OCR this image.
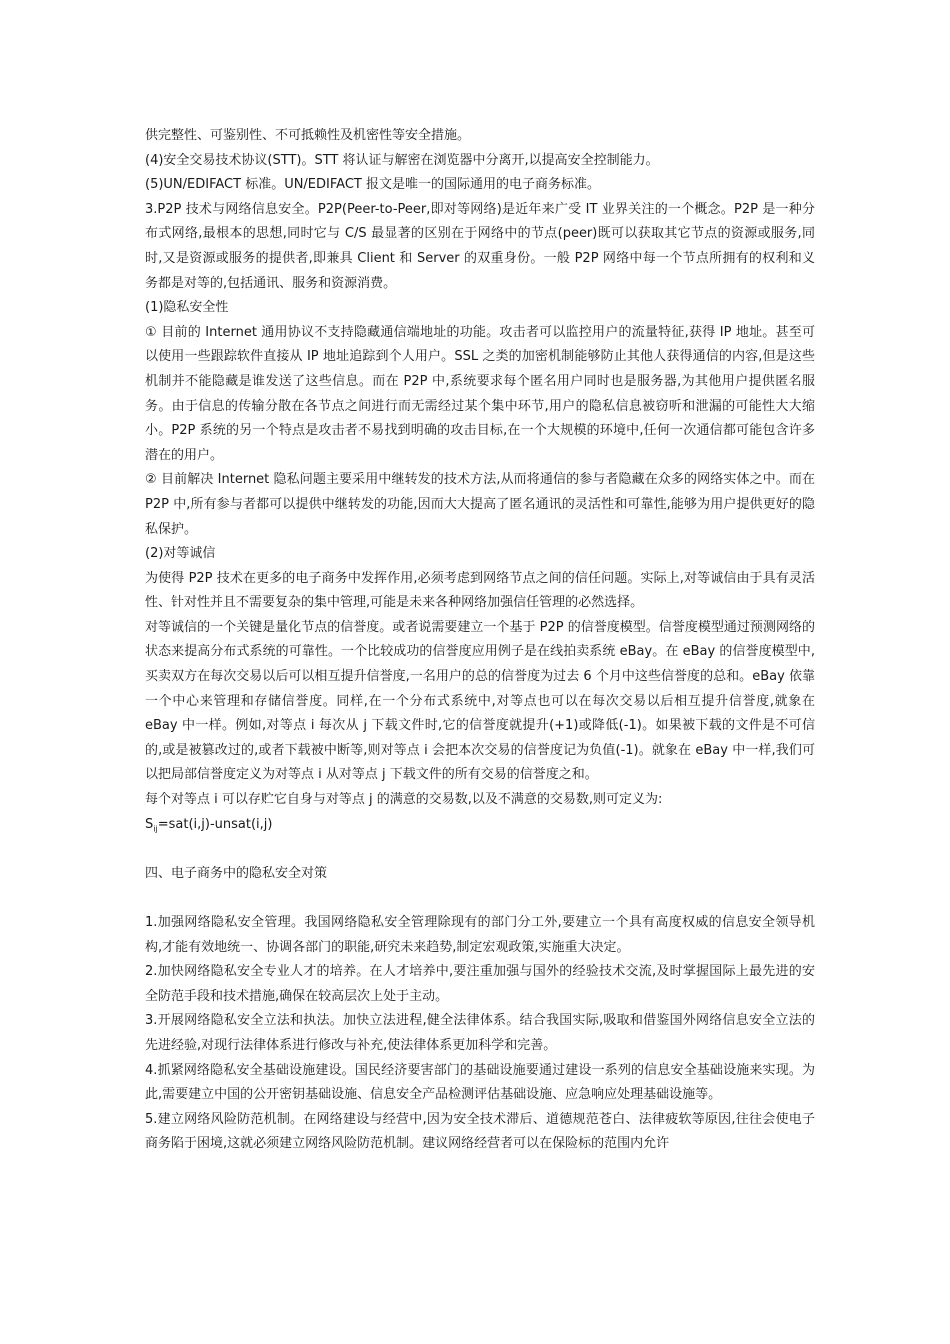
供完整性、可鉴别性、不可抵赖性及机密性等安全措施。

(4)安全交易技术协议(STT)。STT 将认证与解密在浏览器中分离开,以提高安全控制能力。

(5)UN/EDIFACT 标准。UN/EDIFACT 报文是唯一的国际通用的电子商务标准。

3.P2P 技术与网络信息安全。P2P(Peer-to-Peer,即对等网络)是近年来广受 IT 业界关注的一个概念。P2P 是一种分布式网络,最根本的思想,同时它与 C/S 最显著的区别在于网络中的节点(peer)既可以获取其它节点的资源或服务,同时,又是资源或服务的提供者,即兼具 Client 和 Server 的双重身份。一般 P2P 网络中每一个节点所拥有的权利和义务都是对等的,包括通讯、服务和资源消费。

(1)隐私安全性

① 目前的 Internet 通用协议不支持隐藏通信端地址的功能。攻击者可以监控用户的流量特征,获得 IP 地址。甚至可以使用一些跟踪软件直接从 IP 地址追踪到个人用户。SSL 之类的加密机制能够防止其他人获得通信的内容,但是这些机制并不能隐藏是谁发送了这些信息。而在 P2P 中,系统要求每个匿名用户同时也是服务器,为其他用户提供匿名服务。由于信息的传输分散在各节点之间进行而无需经过某个集中环节,用户的隐私信息被窃听和泄漏的可能性大大缩小。P2P 系统的另一个特点是攻击者不易找到明确的攻击目标,在一个大规模的环境中,任何一次通信都可能包含许多潜在的用户。

② 目前解决 Internet 隐私问题主要采用中继转发的技术方法,从而将通信的参与者隐藏在众多的网络实体之中。而在 P2P 中,所有参与者都可以提供中继转发的功能,因而大大提高了匿名通讯的灵活性和可靠性,能够为用户提供更好的隐私保护。

(2)对等诚信

为使得 P2P 技术在更多的电子商务中发挥作用,必须考虑到网络节点之间的信任问题。实际上,对等诚信由于具有灵活性、针对性并且不需要复杂的集中管理,可能是未来各种网络加强信任管理的必然选择。

对等诚信的一个关键是量化节点的信誉度。或者说需要建立一个基于 P2P 的信誉度模型。信誉度模型通过预测网络的状态来提高分布式系统的可靠性。一个比较成功的信誉度应用例子是在线拍卖系统 eBay。在 eBay 的信誉度模型中,买卖双方在每次交易以后可以相互提升信誉度,一名用户的总的信誉度为过去 6 个月中这些信誉度的总和。eBay 依靠一个中心来管理和存储信誉度。同样,在一个分布式系统中,对等点也可以在每次交易以后相互提升信誉度,就象在 eBay 中一样。例如,对等点 i 每次从 j 下载文件时,它的信誉度就提升(+1)或降低(-1)。如果被下载的文件是不可信的,或是被篡改过的,或者下载被中断等,则对等点 i 会把本次交易的信誉度记为负值(-1)。就象在 eBay 中一样,我们可以把局部信誉度定义为对等点 i 从对等点 j 下载文件的所有交易的信誉度之和。

每个对等点 i 可以存贮它自身与对等点 j 的满意的交易数,以及不满意的交易数,则可定义为:

$S_{ij}=sat(i,j)-unsat(i,j)$

四、电子商务中的隐私安全对策

1.加强网络隐私安全管理。我国网络隐私安全管理除现有的部门分工外,要建立一个具有高度权威的信息安全领导机构,才能有效地统一、协调各部门的职能,研究未来趋势,制定宏观政策,实施重大决定。

2.加快网络隐私安全专业人才的培养。在人才培养中,要注重加强与国外的经验技术交流,及时掌握国际上最先进的安全防范手段和技术措施,确保在较高层次上处于主动。

3.开展网络隐私安全立法和执法。加快立法进程,健全法律体系。结合我国实际,吸取和借鉴国外网络信息安全立法的先进经验,对现行法律体系进行修改与补充,使法律体系更加科学和完善。

4.抓紧网络隐私安全基础设施建设。国民经济要害部门的基础设施要通过建设一系列的信息安全基础设施来实现。为此,需要建立中国的公开密钥基础设施、信息安全产品检测评估基础设施、应急响应处理基础设施等。

5.建立网络风险防范机制。在网络建设与经营中,因为安全技术滞后、道德规范苍白、法律疲软等原因,往往会使电子商务陷于困境,这就必须建立网络风险防范机制。建议网络经营者可以在保险标的范围内允许
